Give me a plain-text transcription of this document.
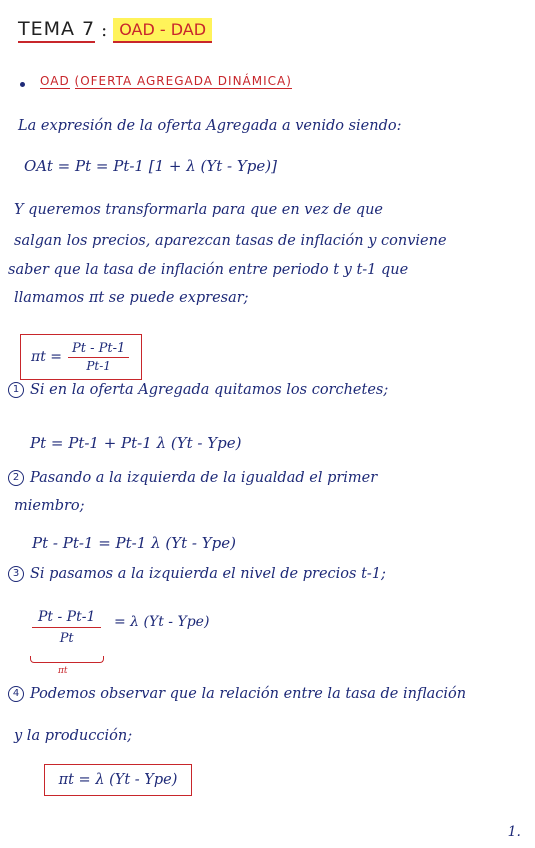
TEMA 7 : OAD - DAD
OAD (OFERTA AGREGADA DINÁMICA)
La expresión de la oferta Agregada a venido siendo:
OAt = Pt = Pt-1 [1 + λ (Yt - Ype)]
Y queremos transformarla para que en vez de que
salgan los precios, aparezcan tasas de inflación y conviene
saber que la tasa de inflación entre periodo t y t-1 que
llamamos πt se puede expresar;
$\pi t = \frac{Pt - Pt-1}{Pt-1}$
1 Si en la oferta Agregada quitamos los corchetes;
Pt = Pt-1 + Pt-1 λ (Yt - Ype)
2 Pasando a la izquierda de la igualdad el primer
miembro;
Pt - Pt-1 = Pt-1 λ (Yt - Ype)
3 Si pasamos a la izquierda el nivel de precios t-1;
$\frac{Pt - Pt-1}{Pt} = \lambda$ (Yt - Ype)
πt
4 Podemos observar que la relación entre la tasa de inflación
y la producción;
πt = λ (Yt - Ype)
1.
